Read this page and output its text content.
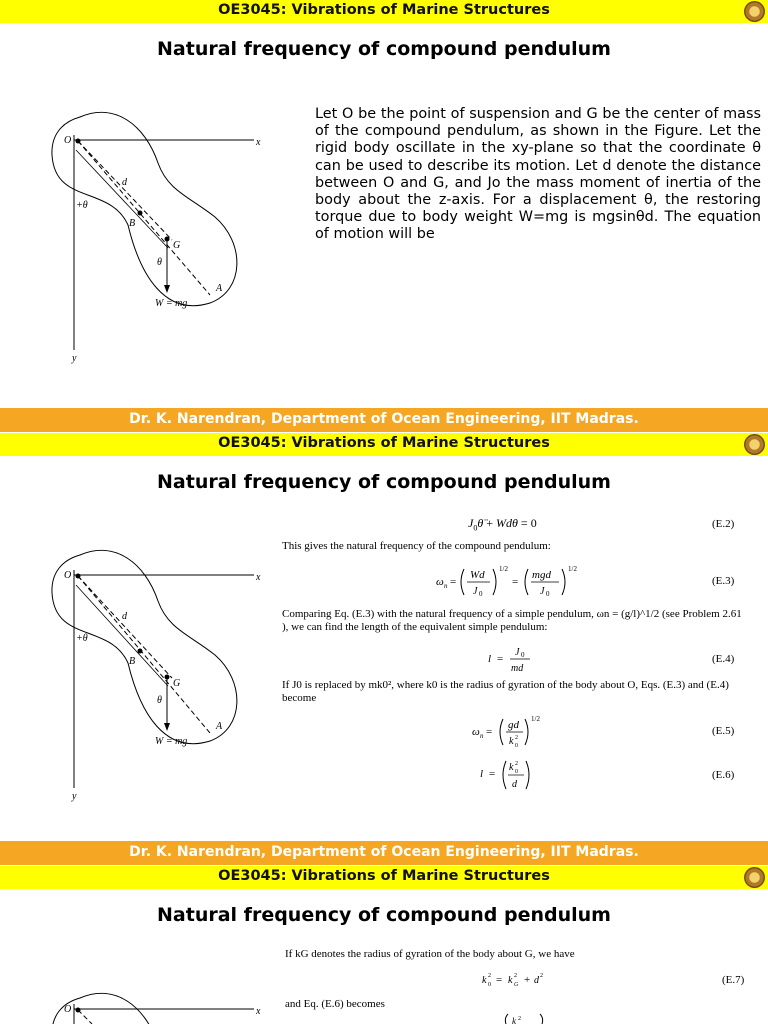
OE3045: Vibrations of Marine Structures
Natural frequency of compound pendulum
O	x
y
d
+θ
B
G
θ
A
W = mg
Let O be the point of suspension and G be the center of mass of the compound pendulum, as shown in the Figure. Let the rigid body oscillate in the xy-plane so that the coordinate θ can be used to describe its motion. Let d denote the distance between O and G, and Jo the mass moment of inertia of the body about the z-axis. For a displacement θ, the restoring torque due to body weight W=mg is mgsinθd. The equation of motion will be
Dr. K. Narendran, Department of Ocean Engineering, IIT Madras.
OE3045: Vibrations of Marine Structures
Natural frequency of compound pendulum
O	x
y
d
+θ
B
G
θ
A
W = mg
$J_0\thetä + Wd\theta = 0$	(E.2)
This gives the natural frequency of the compound pendulum:
ω n =
Wd
J 0
1/2
=
mgd
J 0
1/2
(E.3)
Comparing Eq. (E.3) with the natural frequency of a simple pendulum, ωn = (g/l)^1/2 (see Problem 2.61 ), we can find the length of the equivalent simple pendulum:
l =
J 0
md
(E.4)
If J0 is replaced by mk0², where k0 is the radius of gyration of the body about O, Eqs. (E.3) and (E.4) become
ω n =
gd
k 2
0
1/2
(E.5)
l =
k 2
0
d
(E.6)
Dr. K. Narendran, Department of Ocean Engineering, IIT Madras.
OE3045: Vibrations of Marine Structures
Natural frequency of compound pendulum
If kG denotes the radius of gyration of the body about G, we have
k 2
0 = k 2
G + d 2	(E.7)
and Eq. (E.6) becomes
k 2
O	x
